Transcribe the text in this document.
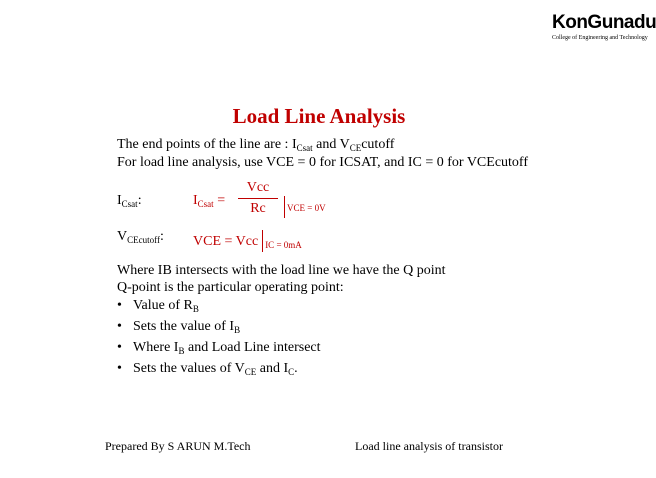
KonGunadu
College of Engineering and Technology
Load Line Analysis
The end points of the line are : $I_{Csat}$ and $V_{CE}cutoff$
For load line analysis, use VCE = 0 for ICSAT, and IC = 0 for VCEcutoff
$I_{Csat}$:	$I_{Csat}$ =
Vcc
Rc	VCE = 0V
$V_{CEcutoff}$: VCE = Vcc $_{IC = 0mA}$
Where IB intersects with the load line we have the Q point
Q-point is the particular operating point:
• Value of $R_B$
• Sets the value of $I_B$
• Where $I_B$ and Load Line intersect
• Sets the values of $V_{CE}$ and $I_C$.
Prepared By S ARUN M.Tech	Load line analysis of transistor
